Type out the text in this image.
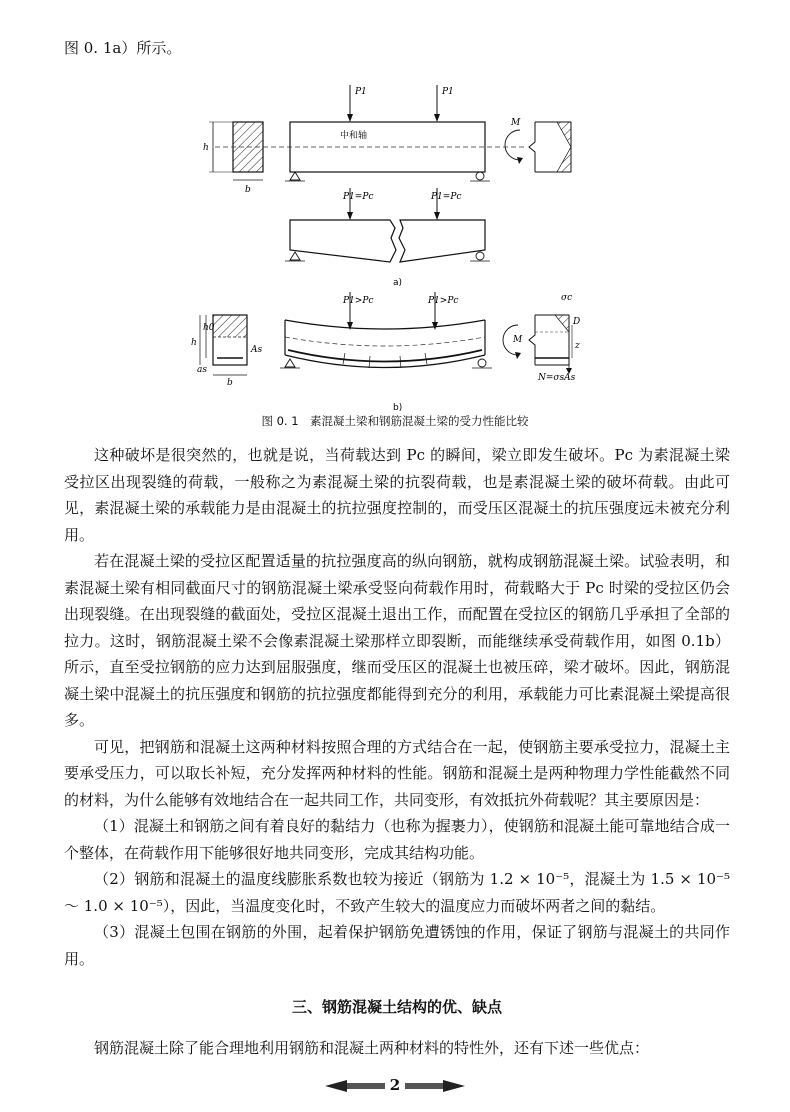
图 0. 1a）所示。
h
b
中和轴
P1	P1
M
P1=Pc	P1=Pc
a)
As
h
h0
as
b
P1>Pc	P1>Pc
M
σc
D
z
N=σsAs
b)
图 0. 1　素混凝土梁和钢筋混凝土梁的受力性能比较

这种破坏是很突然的，也就是说，当荷载达到 Pc 的瞬间，梁立即发生破坏。Pc 为素混凝土梁受拉区出现裂缝的荷载，一般称之为素混凝土梁的抗裂荷载，也是素混凝土梁的破坏荷载。由此可见，素混凝土梁的承载能力是由混凝土的抗拉强度控制的，而受压区混凝土的抗压强度远未被充分利用。

若在混凝土梁的受拉区配置适量的抗拉强度高的纵向钢筋，就构成钢筋混凝土梁。试验表明，和素混凝土梁有相同截面尺寸的钢筋混凝土梁承受竖向荷载作用时，荷载略大于 Pc 时梁的受拉区仍会出现裂缝。在出现裂缝的截面处，受拉区混凝土退出工作，而配置在受拉区的钢筋几乎承担了全部的拉力。这时，钢筋混凝土梁不会像素混凝土梁那样立即裂断，而能继续承受荷载作用，如图 0.1b）所示，直至受拉钢筋的应力达到屈服强度，继而受压区的混凝土也被压碎，梁才破坏。因此，钢筋混凝土梁中混凝土的抗压强度和钢筋的抗拉强度都能得到充分的利用，承载能力可比素混凝土梁提高很多。

可见，把钢筋和混凝土这两种材料按照合理的方式结合在一起，使钢筋主要承受拉力，混凝土主要承受压力，可以取长补短，充分发挥两种材料的性能。钢筋和混凝土是两种物理力学性能截然不同的材料，为什么能够有效地结合在一起共同工作，共同变形，有效抵抗外荷载呢？其主要原因是：

（1）混凝土和钢筋之间有着良好的黏结力（也称为握裹力），使钢筋和混凝土能可靠地结合成一个整体，在荷载作用下能够很好地共同变形，完成其结构功能。

（2）钢筋和混凝土的温度线膨胀系数也较为接近（钢筋为 1.2 × 10⁻⁵，混凝土为 1.5 × 10⁻⁵ ～ 1.0 × 10⁻⁵），因此，当温度变化时，不致产生较大的温度应力而破坏两者之间的黏结。

（3）混凝土包围在钢筋的外围，起着保护钢筋免遭锈蚀的作用，保证了钢筋与混凝土的共同作用。

三、钢筋混凝土结构的优、缺点

钢筋混凝土除了能合理地利用钢筋和混凝土两种材料的特性外，还有下述一些优点：

2
